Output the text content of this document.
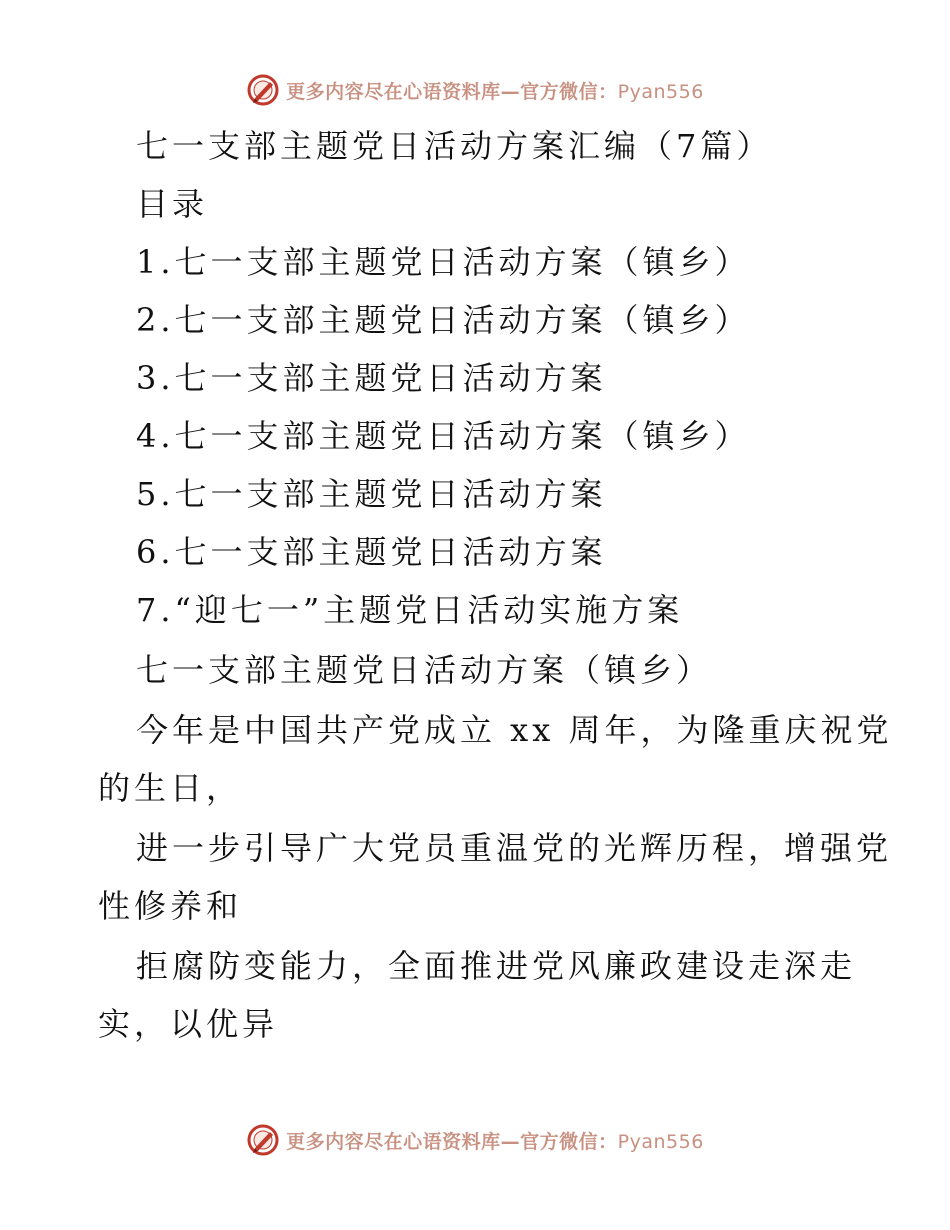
更多内容尽在心语资料库—官方微信：Pyan556
七一支部主题党日活动方案汇编（7篇）
目录
1.七一支部主题党日活动方案（镇乡）
2.七一支部主题党日活动方案（镇乡）
3.七一支部主题党日活动方案
4.七一支部主题党日活动方案（镇乡）
5.七一支部主题党日活动方案
6.七一支部主题党日活动方案
7.“迎七一”主题党日活动实施方案
七一支部主题党日活动方案（镇乡）
今年是中国共产党成立 xx 周年，为隆重庆祝党
的生日，
进一步引导广大党员重温党的光辉历程，增强党
性修养和
拒腐防变能力，全面推进党风廉政建设走深走
实，以优异
更多内容尽在心语资料库—官方微信：Pyan556
